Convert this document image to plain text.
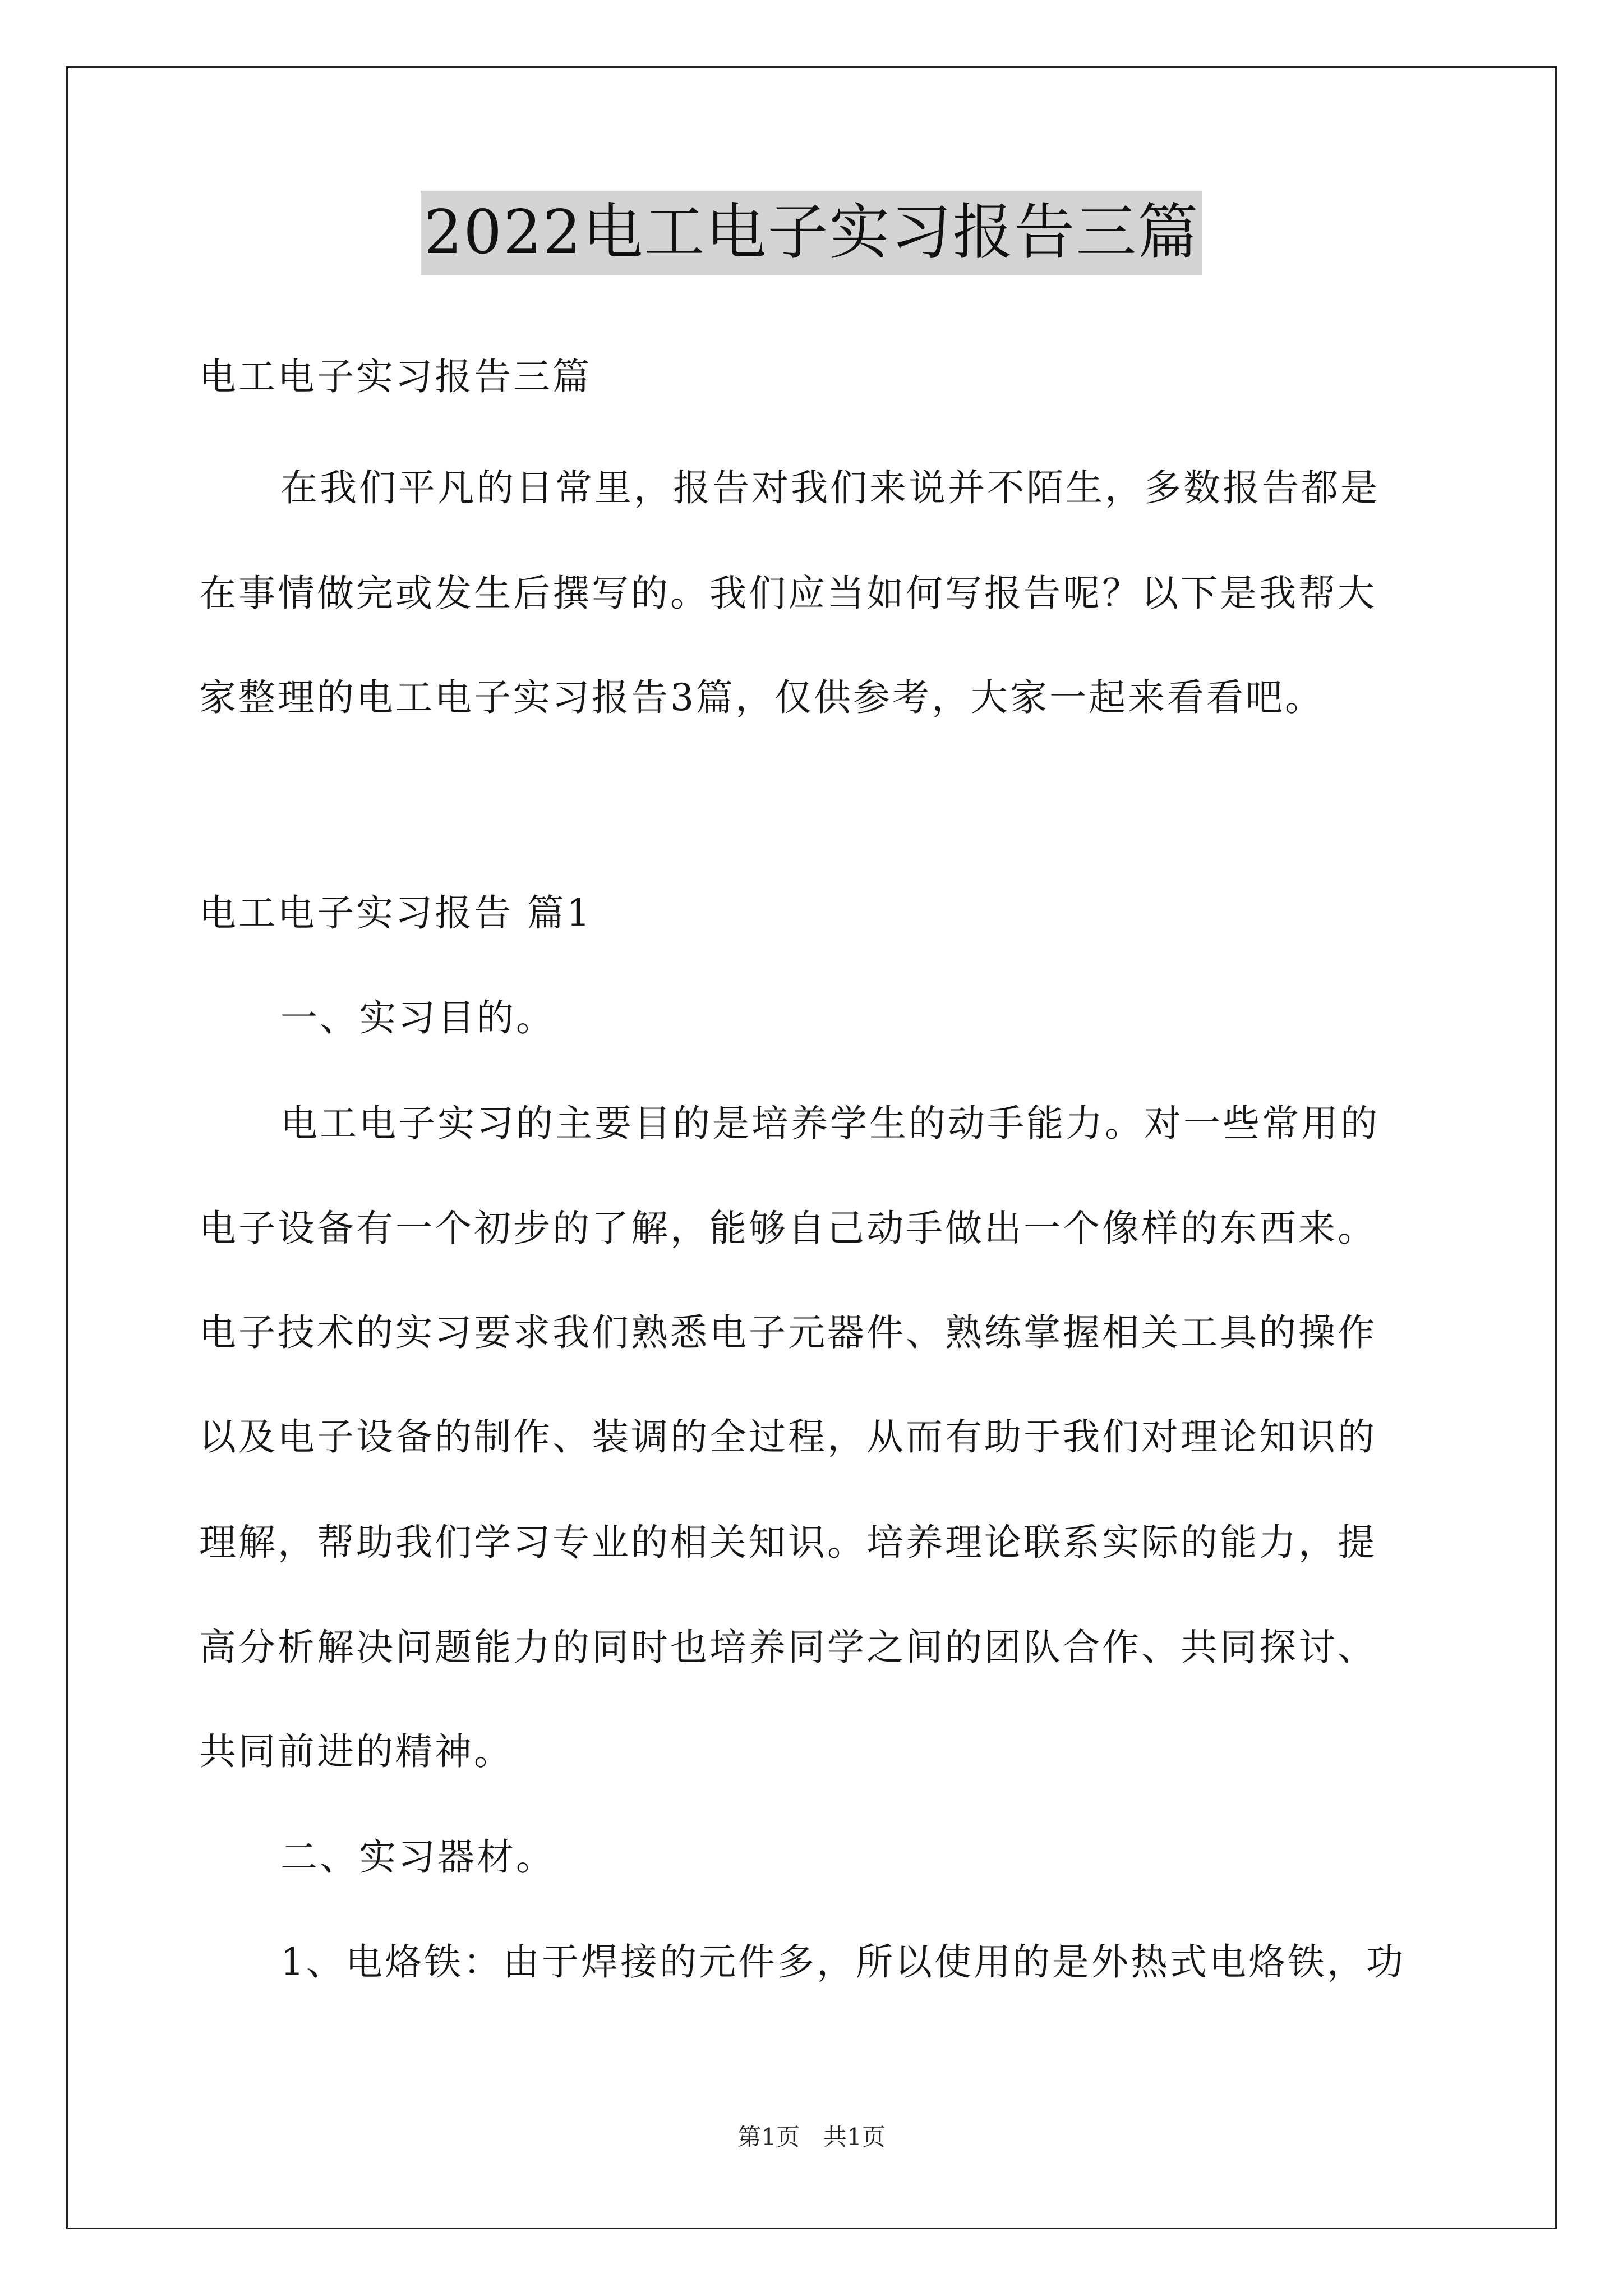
2022电工电子实习报告三篇
电工电子实习报告三篇
在我们平凡的日常里，报告对我们来说并不陌生，多数报告都是
在事情做完或发生后撰写的。我们应当如何写报告呢？以下是我帮大
家整理的电工电子实习报告3篇，仅供参考，大家一起来看看吧。
电工电子实习报告 篇1
一、实习目的。
电工电子实习的主要目的是培养学生的动手能力。对一些常用的
电子设备有一个初步的了解，能够自己动手做出一个像样的东西来。
电子技术的实习要求我们熟悉电子元器件、熟练掌握相关工具的操作
以及电子设备的制作、装调的全过程，从而有助于我们对理论知识的
理解，帮助我们学习专业的相关知识。培养理论联系实际的能力，提
高分析解决问题能力的同时也培养同学之间的团队合作、共同探讨、
共同前进的精神。
二、实习器材。
1、电烙铁：由于焊接的元件多，所以使用的是外热式电烙铁，功
第1页　共1页
